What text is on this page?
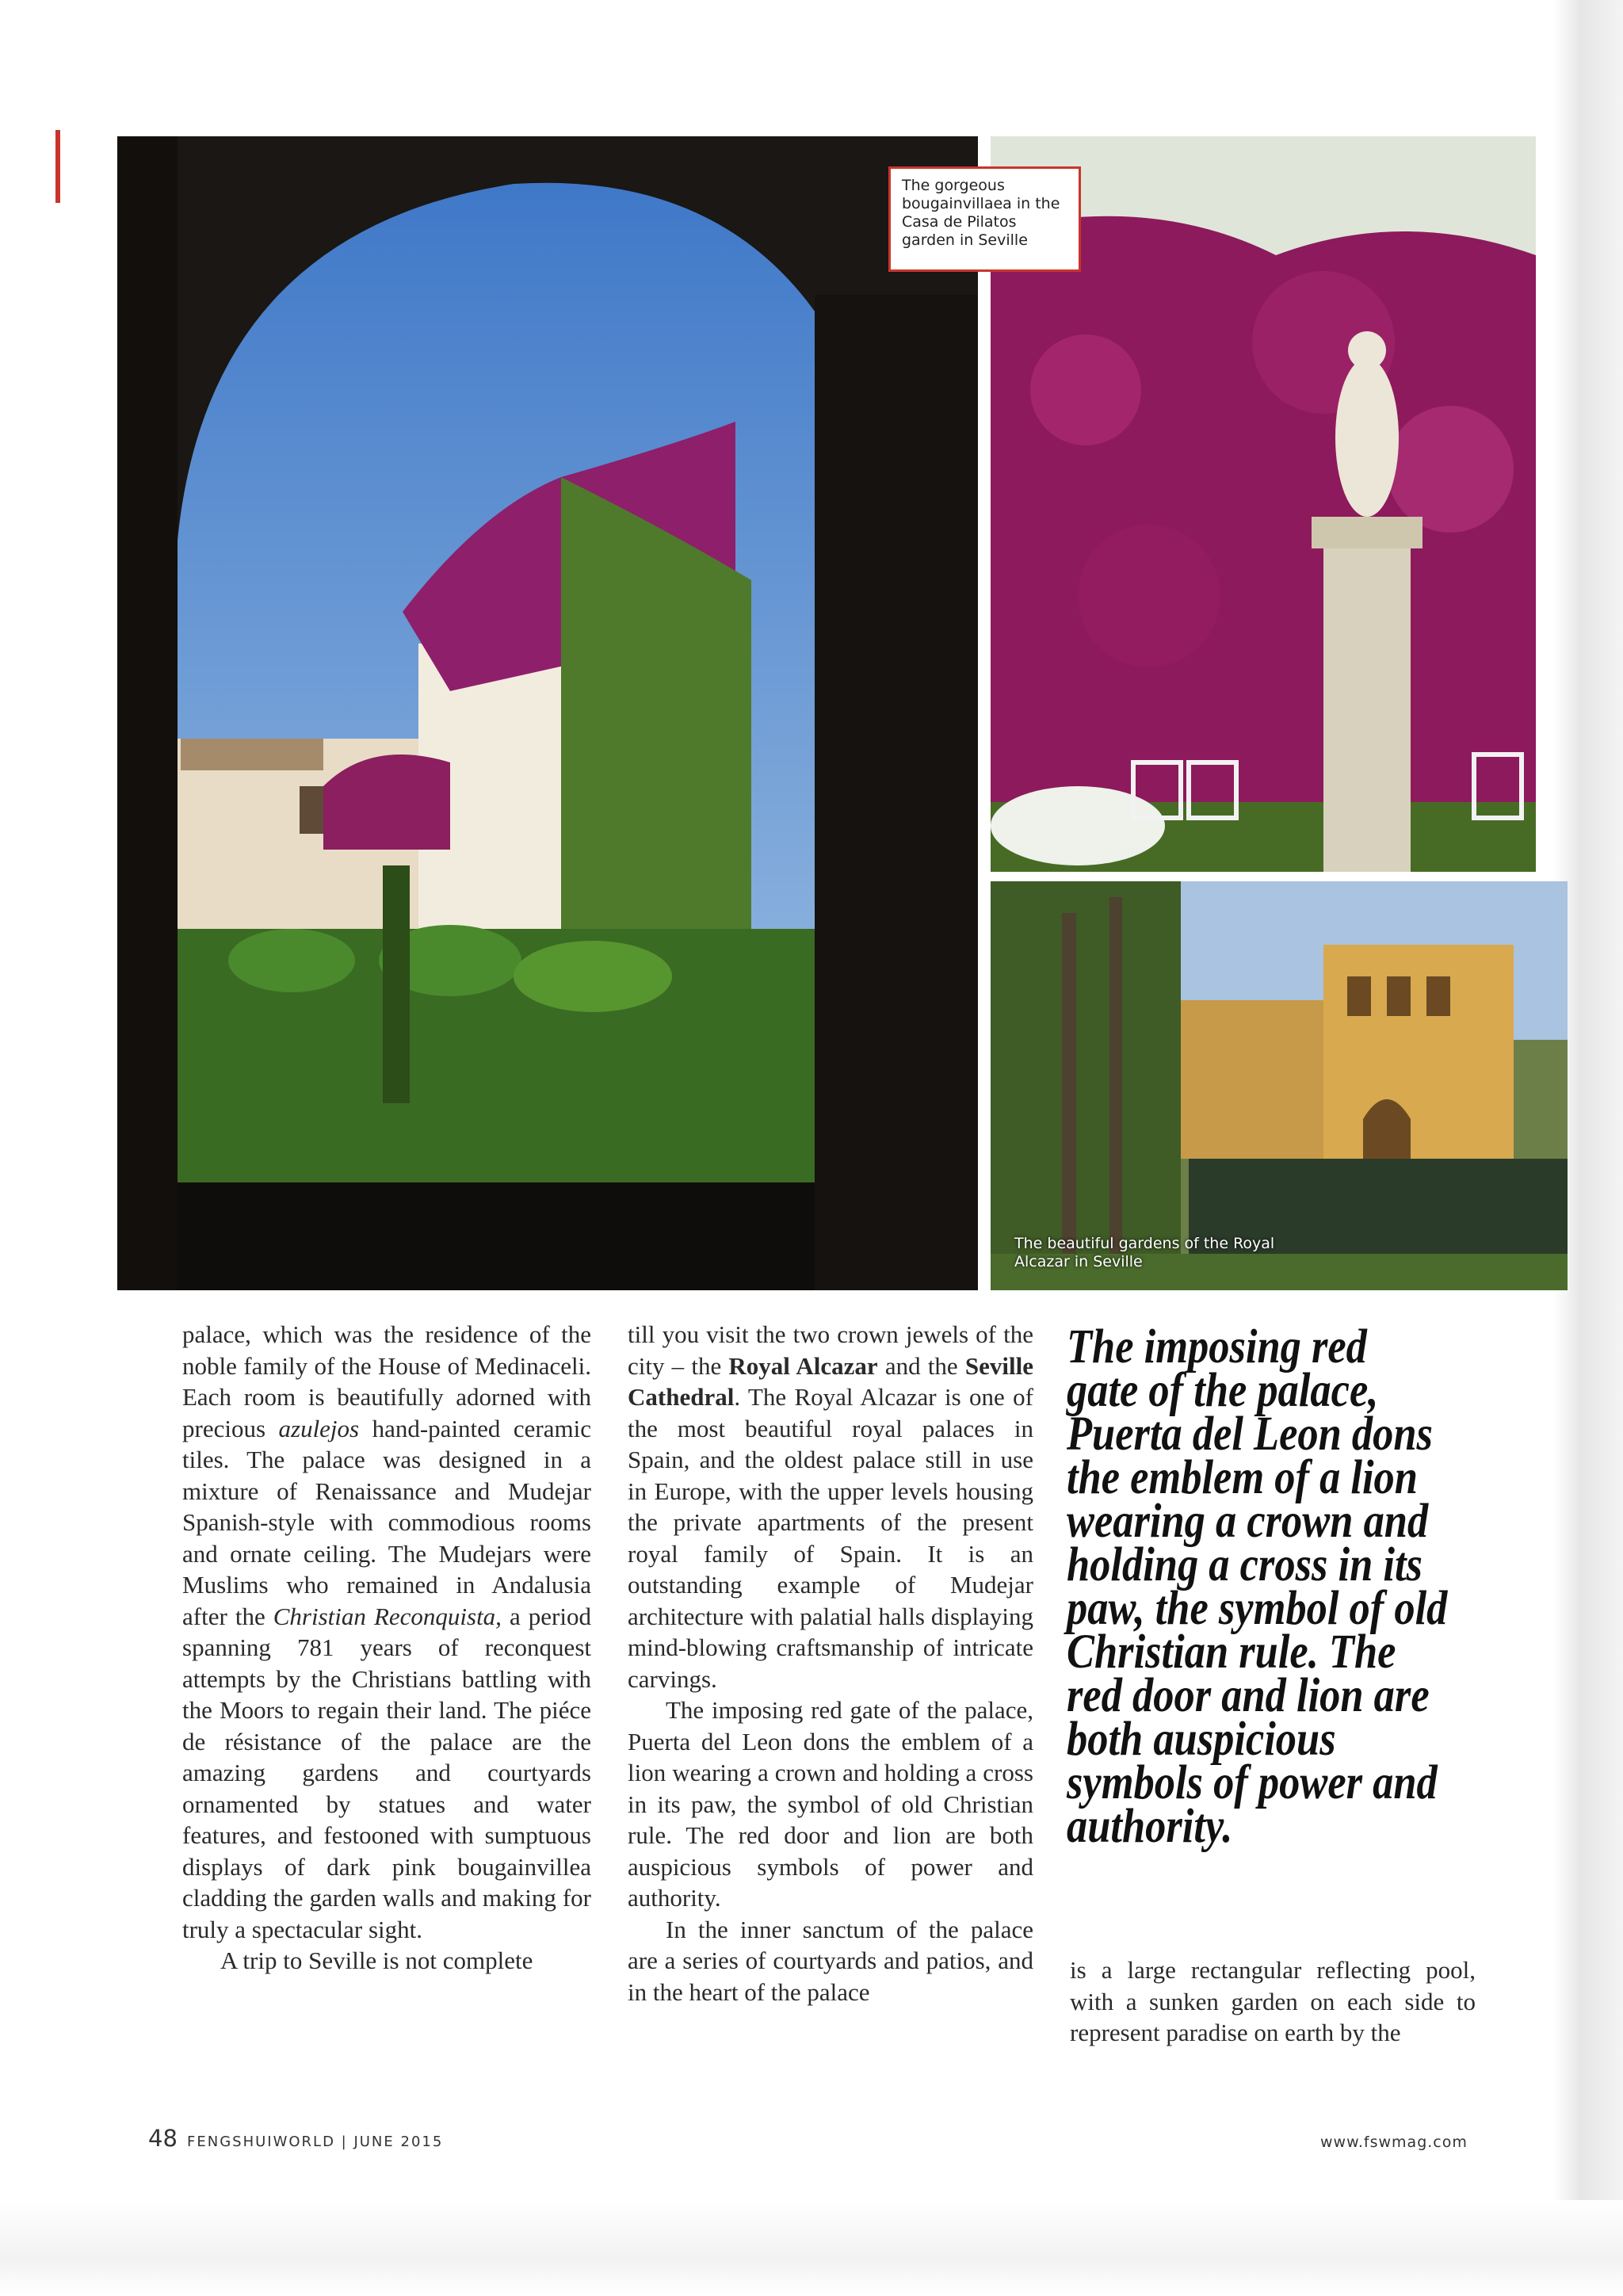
The gorgeous bougainvillaea in the Casa de Pilatos garden in Seville
The beautiful gardens of the Royal Alcazar in Seville

palace, which was the residence of the noble family of the House of Medinaceli. Each room is beautifully adorned with precious azulejos hand-painted ceramic tiles. The palace was designed in a mixture of Renaissance and Mudejar Spanish-style with commodious rooms and ornate ceiling. The Mudejars were Muslims who remained in Andalusia after the Christian Reconquista, a period spanning 781 years of reconquest attempts by the Christians battling with the Moors to regain their land. The piéce de résistance of the palace are the amazing gardens and courtyards ornamented by statues and water features, and festooned with sumptuous displays of dark pink bougainvillea cladding the garden walls and making for truly a spectacular sight.

A trip to Seville is not complete

till you visit the two crown jewels of the city – the Royal Alcazar and the Seville Cathedral. The Royal Alcazar is one of the most beautiful royal palaces in Spain, and the oldest palace still in use in Europe, with the upper levels housing the private apartments of the present royal family of Spain. It is an outstanding example of Mudejar architecture with palatial halls displaying mind-blowing craftsmanship of intricate carvings.

The imposing red gate of the palace, Puerta del Leon dons the emblem of a lion wearing a crown and holding a cross in its paw, the symbol of old Christian rule. The red door and lion are both auspicious symbols of power and authority.

In the inner sanctum of the palace are a series of courtyards and patios, and in the heart of the palace

The imposing red gate of the palace, Puerta del Leon dons the emblem of a lion wearing a crown and holding a cross in its paw, the symbol of old Christian rule. The red door and lion are both auspicious symbols of power and authority.

is a large rectangular reflecting pool, with a sunken garden on each side to represent paradise on earth by the

48 FENGSHUIWORLD | JUNE 2015	www.fswmag.com
